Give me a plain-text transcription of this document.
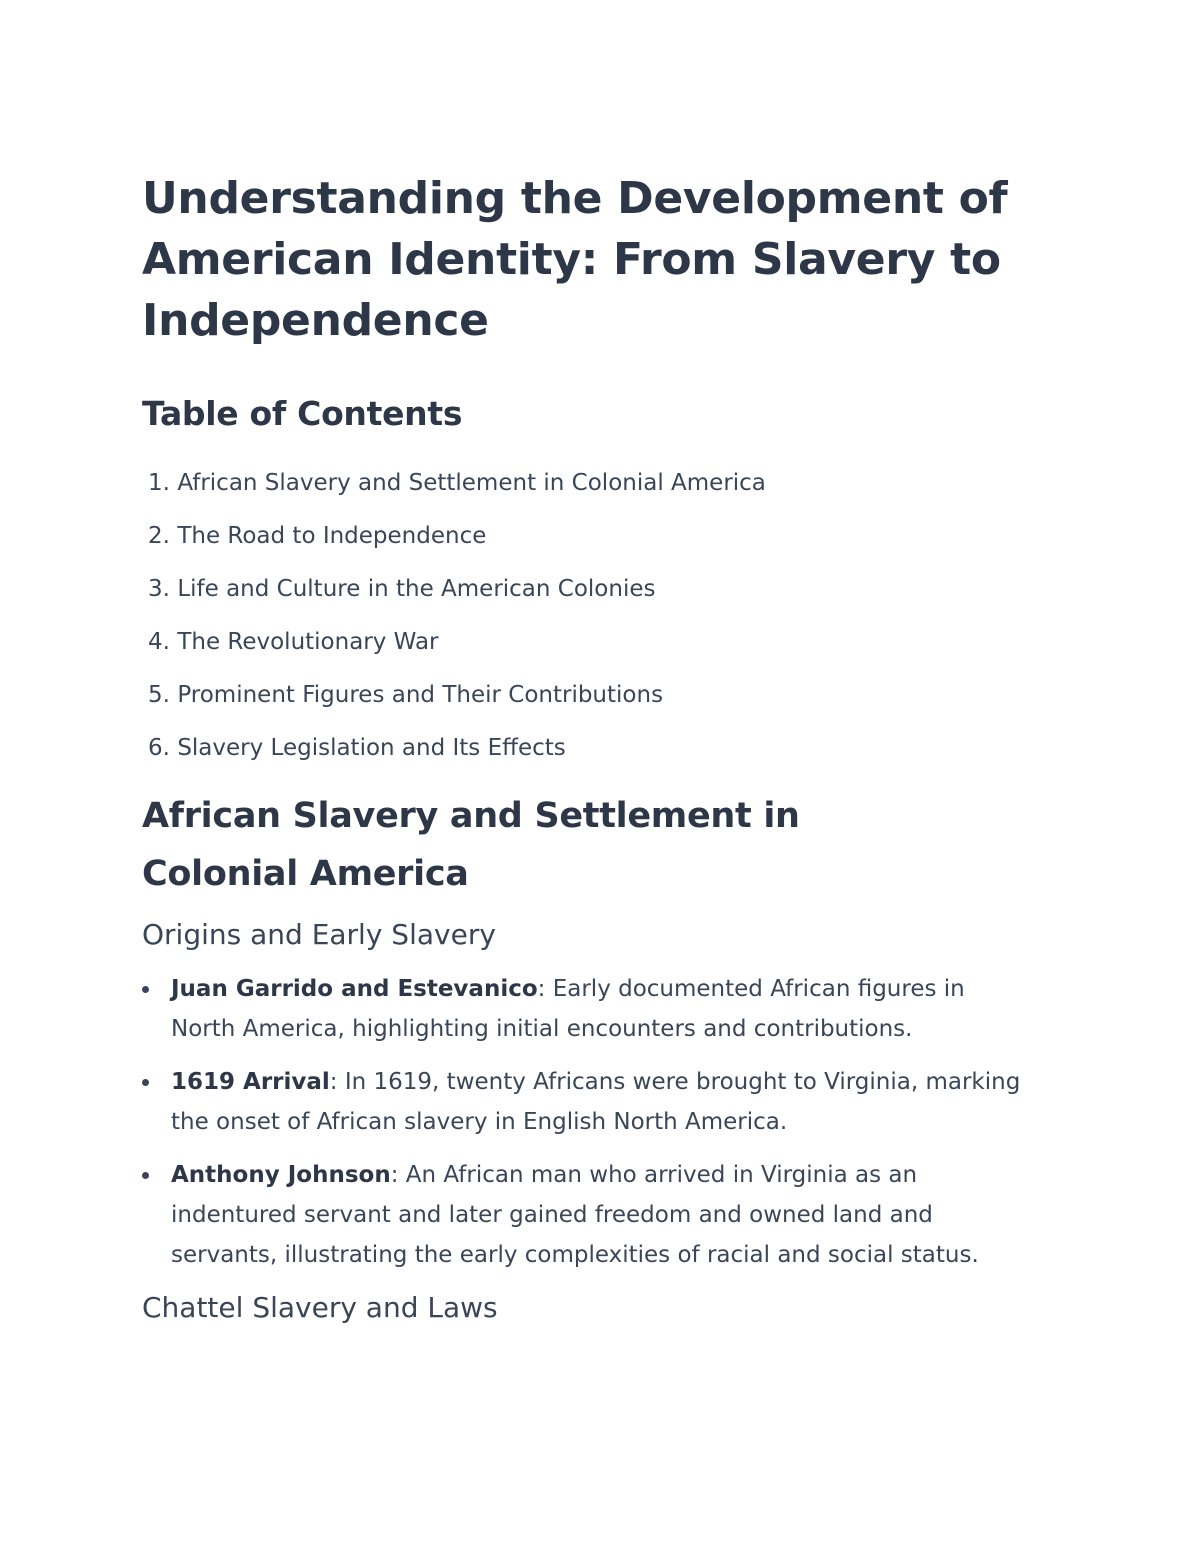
Understanding the Development of American Identity: From Slavery to Independence
Table of Contents
1.
African Slavery and Settlement in Colonial America
2.
The Road to Independence
3.
Life and Culture in the American Colonies
4.
The Revolutionary War
5.
Prominent Figures and Their Contributions
6.
Slavery Legislation and Its Effects
African Slavery and Settlement in Colonial America
Origins and Early Slavery
Juan Garrido and Estevanico: Early documented African figures in North America, highlighting initial encounters and contributions.
1619 Arrival: In 1619, twenty Africans were brought to Virginia, marking the onset of African slavery in English North America.
Anthony Johnson: An African man who arrived in Virginia as an indentured servant and later gained freedom and owned land and servants, illustrating the early complexities of racial and social status.
Chattel Slavery and Laws
